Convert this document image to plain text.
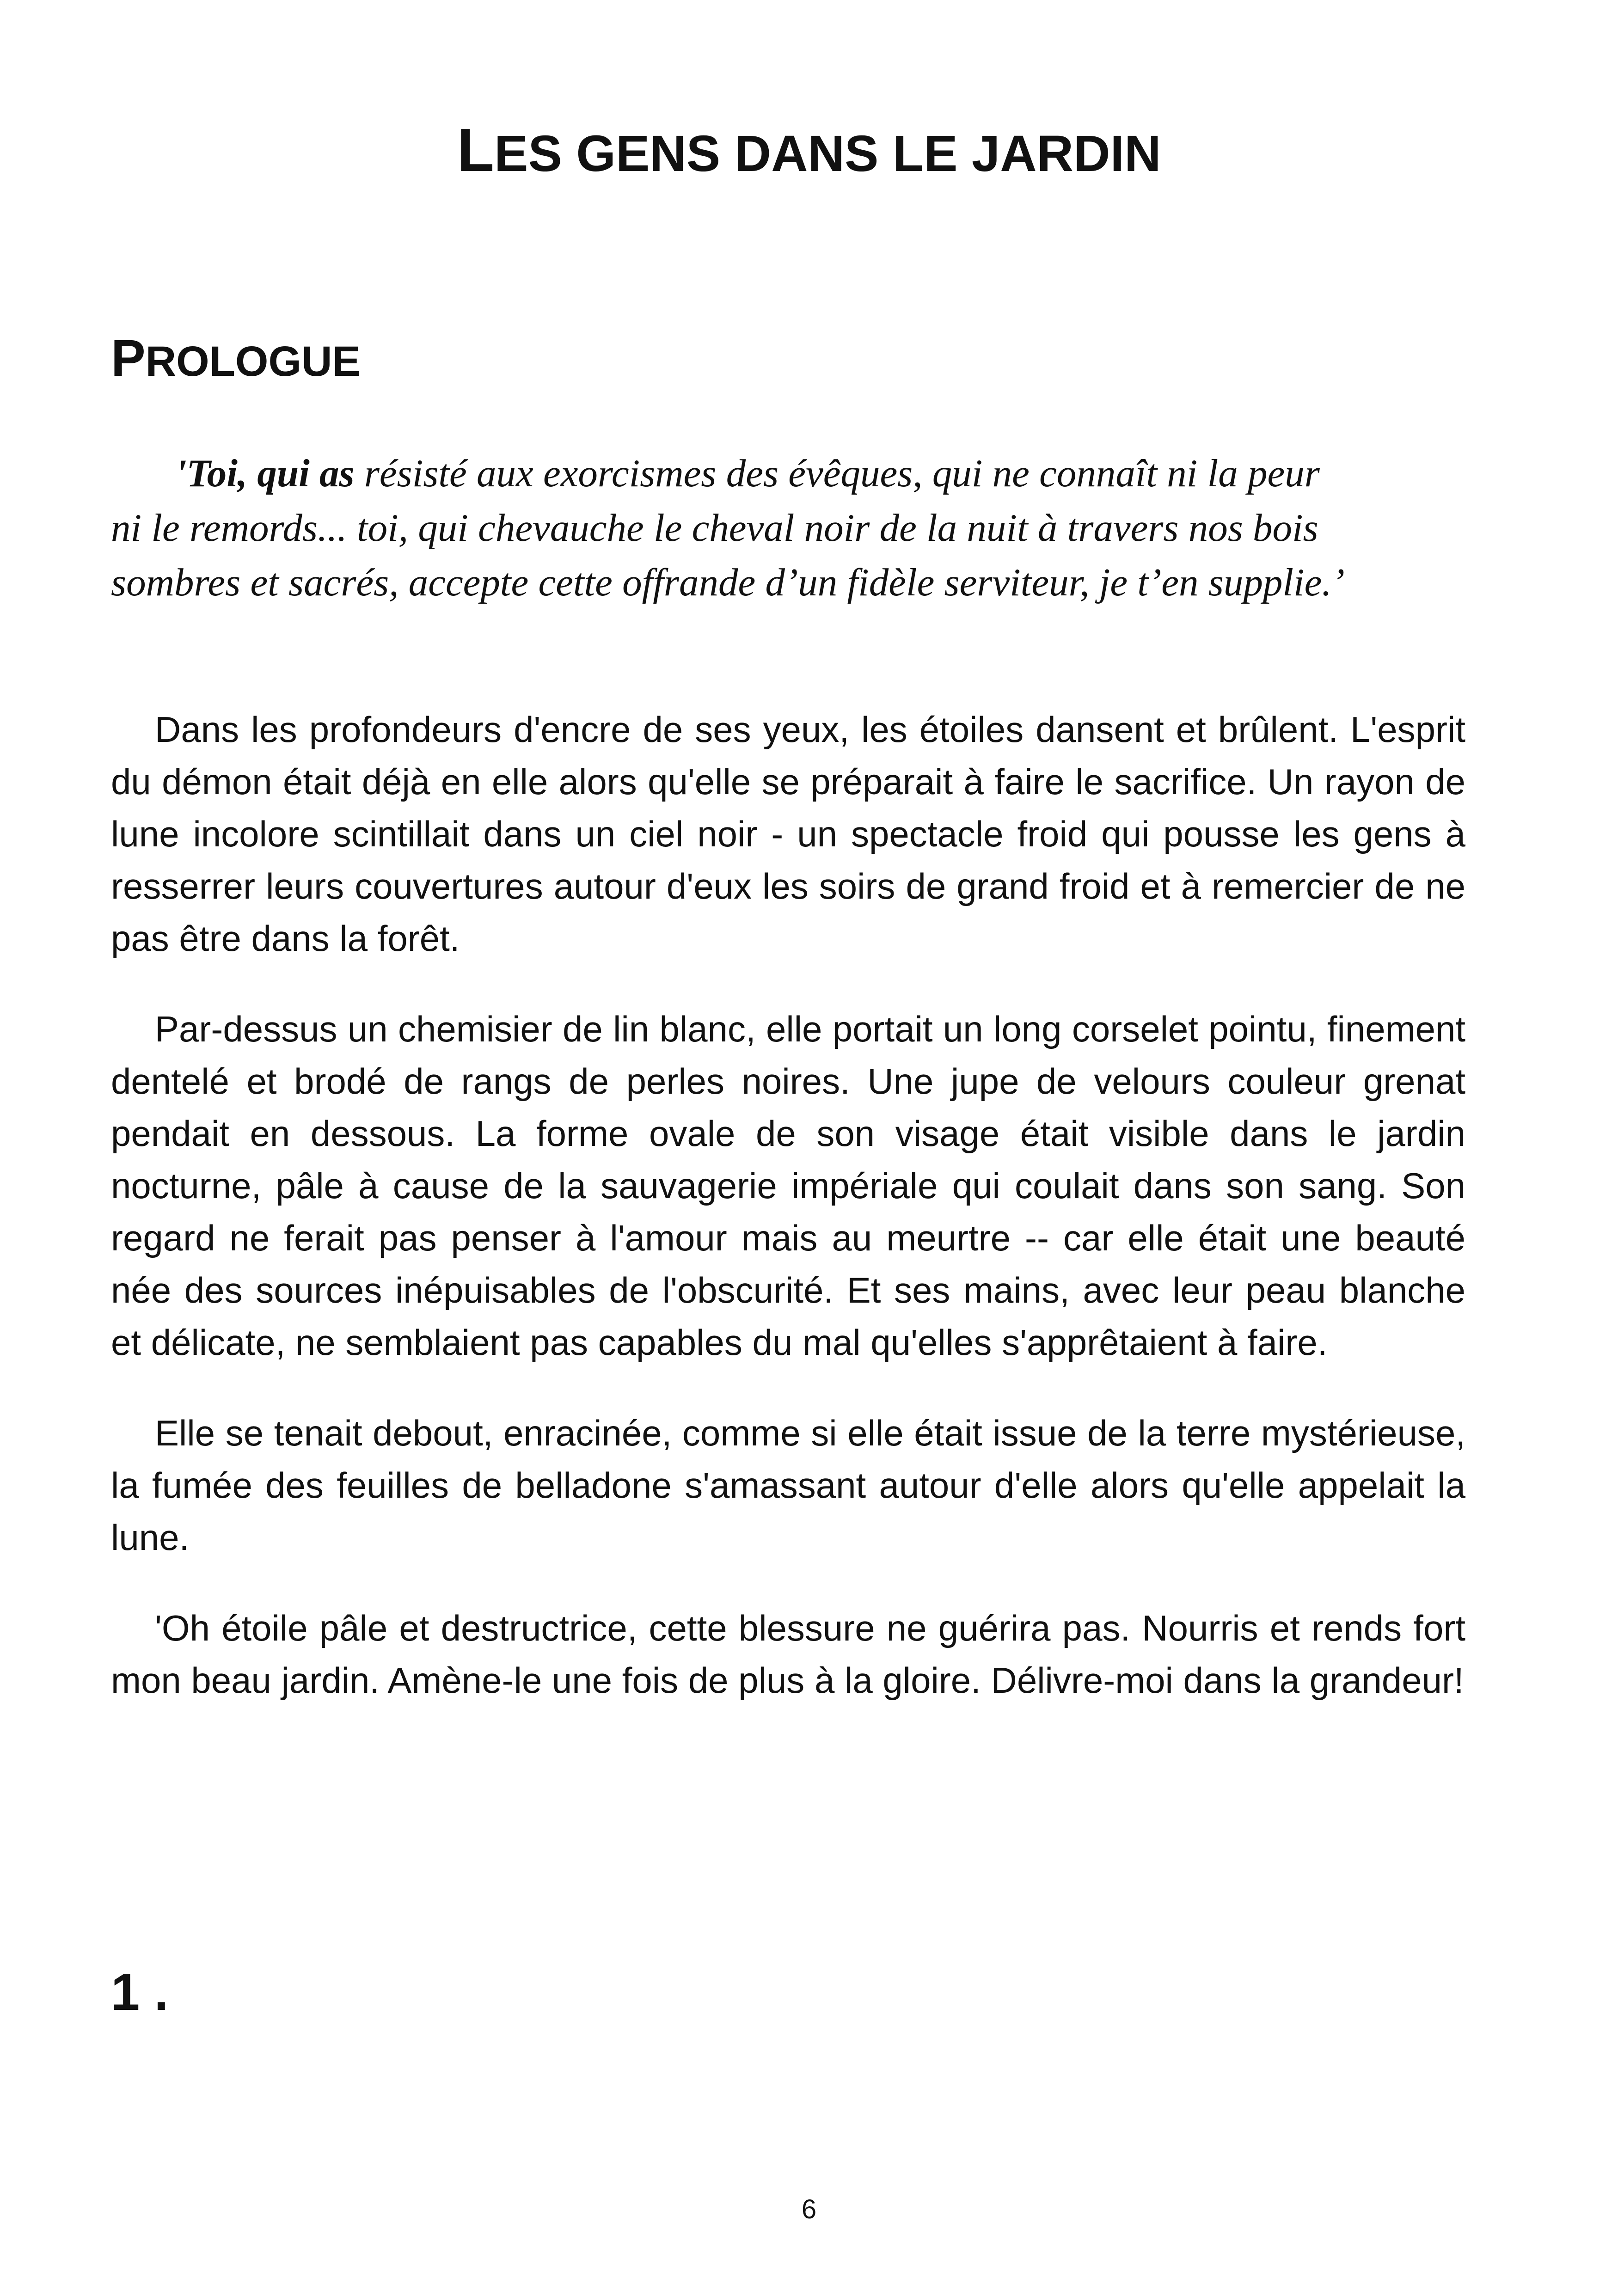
LES GENS DANS LE JARDIN
PROLOGUE
'Toi, qui as résisté aux exorcismes des évêques, qui ne connaît ni la peur
ni le remords... toi, qui chevauche le cheval noir de la nuit à travers nos bois
sombres et sacrés, accepte cette offrande d’un fidèle serviteur, je t’en supplie.’

Dans les profondeurs d'encre de ses yeux, les étoiles dansent et brûlent. L'esprit du démon était déjà en elle alors qu'elle se préparait à faire le sacrifice. Un rayon de lune incolore scintillait dans un ciel noir - un spectacle froid qui pousse les gens à resserrer leurs couvertures autour d'eux les soirs de grand froid et à remercier de ne pas être dans la forêt.

Par-dessus un chemisier de lin blanc, elle portait un long corselet pointu, finement dentelé et brodé de rangs de perles noires. Une jupe de velours couleur grenat pendait en dessous. La forme ovale de son visage était visible dans le jardin nocturne, pâle à cause de la sauvagerie impériale qui coulait dans son sang. Son regard ne ferait pas penser à l'amour mais au meurtre -- car elle était une beauté née des sources inépuisables de l'obscurité. Et ses mains, avec leur peau blanche et délicate, ne semblaient pas capables du mal qu'elles s'apprêtaient à faire.

Elle se tenait debout, enracinée, comme si elle était issue de la terre mystérieuse, la fumée des feuilles de belladone s'amassant autour d'elle alors qu'elle appelait la lune.

'Oh étoile pâle et destructrice, cette blessure ne guérira pas. Nourris et rends fort mon beau jardin. Amène-le une fois de plus à la gloire. Délivre-moi dans la grandeur!

1 .
6
